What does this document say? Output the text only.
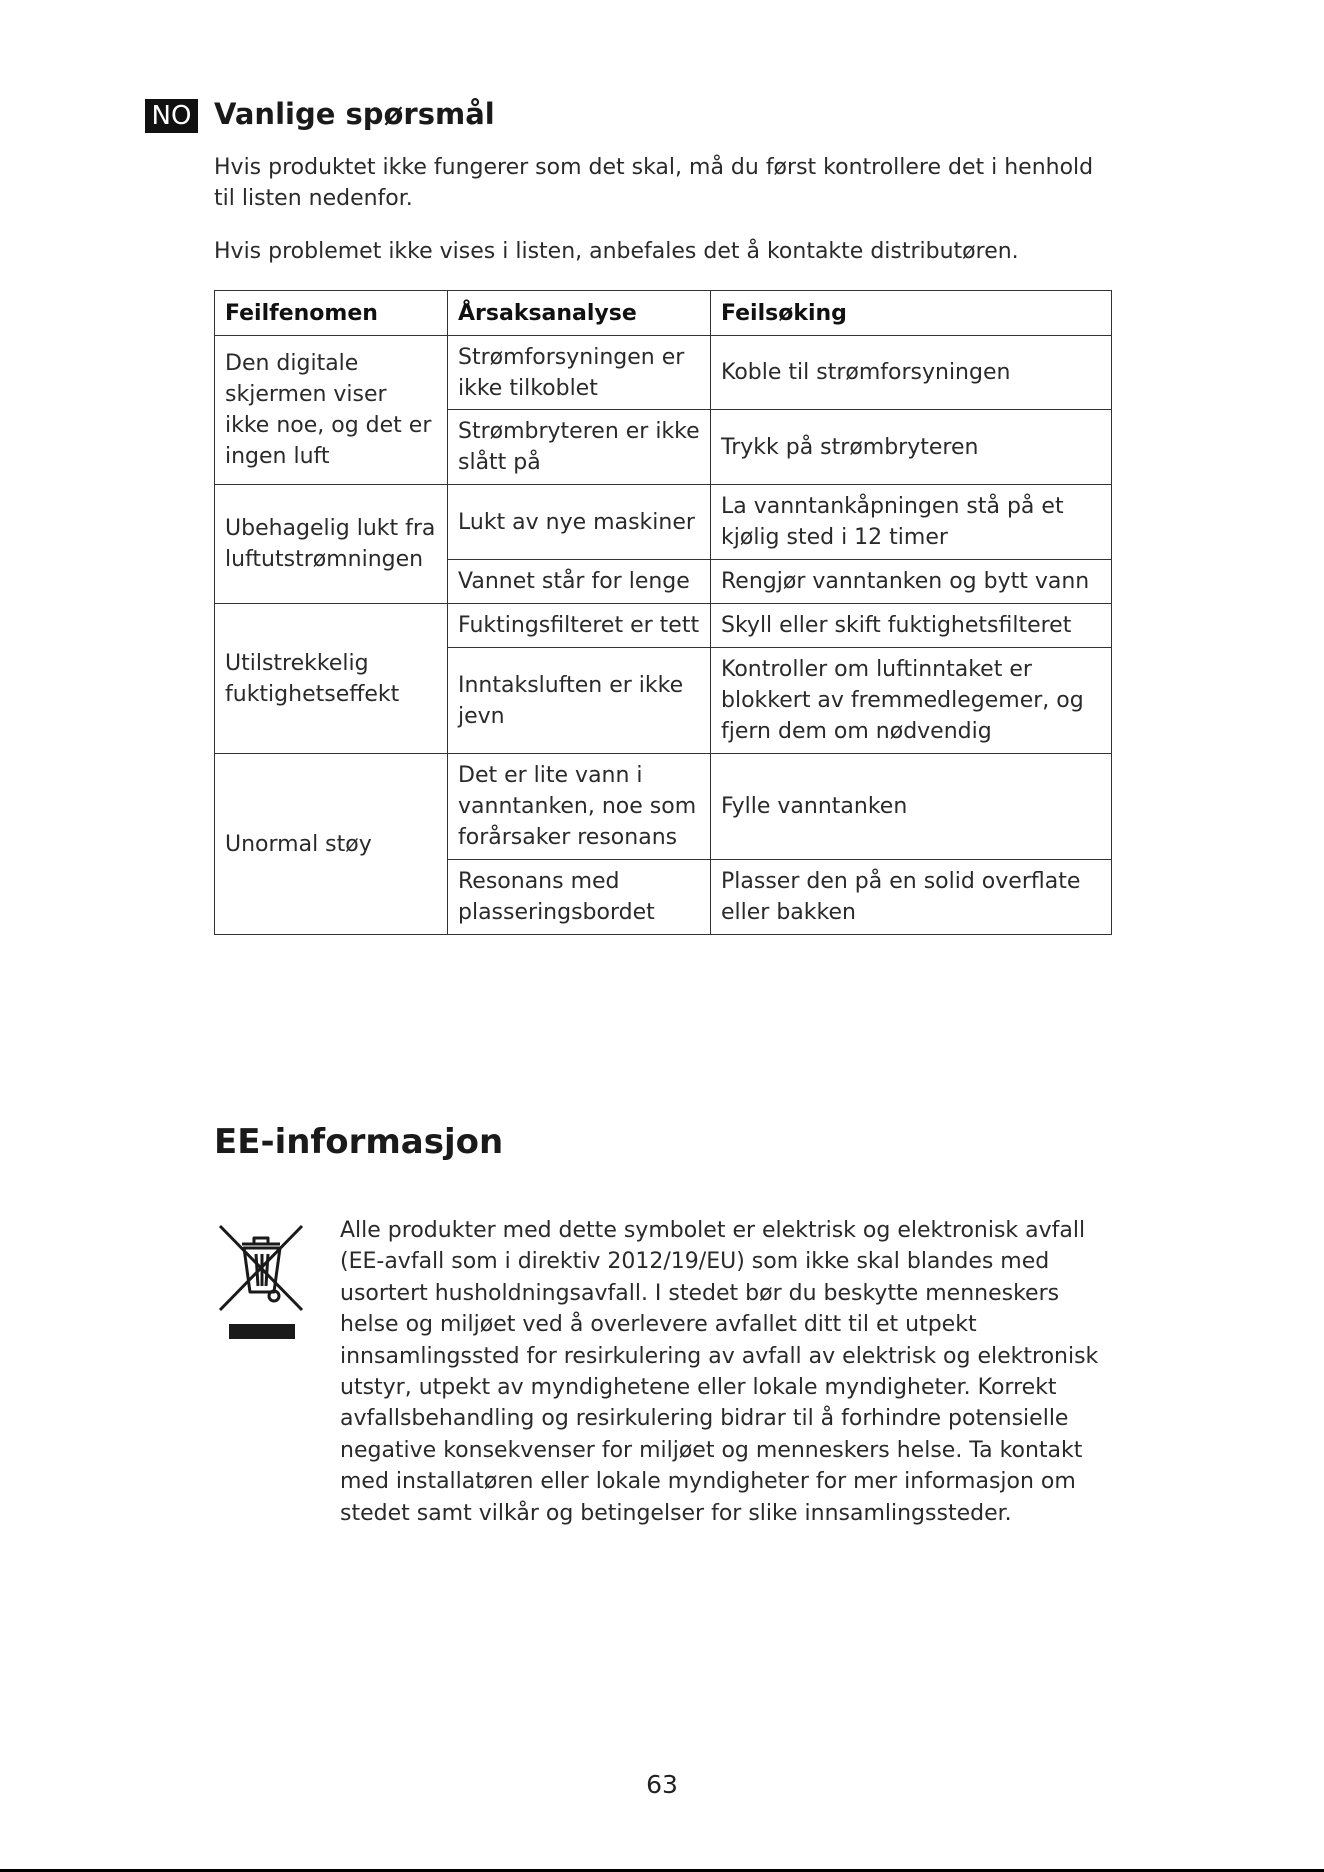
NO Vanlige spørsmål

Hvis produktet ikke fungerer som det skal, må du først kontrollere det i henhold til listen nedenfor.

Hvis problemet ikke vises i listen, anbefales det å kontakte distributøren.

Feilfenomen	Årsaksanalyse	Feilsøking
Den digitale skjermen viser ikke noe, og det er ingen luft	Strømforsyningen er ikke tilkoblet	Koble til strømforsyningen
	Strømbryteren er ikke slått på	Trykk på strømbryteren
Ubehagelig lukt fra luftutstrømningen	Lukt av nye maskiner	La vanntankåpningen stå på et kjølig sted i 12 timer
	Vannet står for lenge	Rengjør vanntanken og bytt vann
Utilstrekkelig fuktighetseffekt	Fuktingsfilteret er tett	Skyll eller skift fuktighetsfilteret
	Inntaksluften er ikke jevn	Kontroller om luftinntaket er blokkert av fremmedlegemer, og fjern dem om nødvendig
Unormal støy	Det er lite vann i vanntanken, noe som forårsaker resonans	Fylle vanntanken
	Resonans med plasseringsbordet	Plasser den på en solid overflate eller bakken
EE-informasjon

Alle produkter med dette symbolet er elektrisk og elektronisk avfall (EE-avfall som i direktiv 2012/19/EU) som ikke skal blandes med usortert husholdningsavfall. I stedet bør du beskytte menneskers helse og miljøet ved å overlevere avfallet ditt til et utpekt innsamlingssted for resirkulering av avfall av elektrisk og elektronisk utstyr, utpekt av myndighetene eller lokale myndigheter. Korrekt avfallsbehandling og resirkulering bidrar til å forhindre potensielle negative konsekvenser for miljøet og menneskers helse. Ta kontakt med installatøren eller lokale myndigheter for mer informasjon om stedet samt vilkår og betingelser for slike innsamlingssteder.

63
